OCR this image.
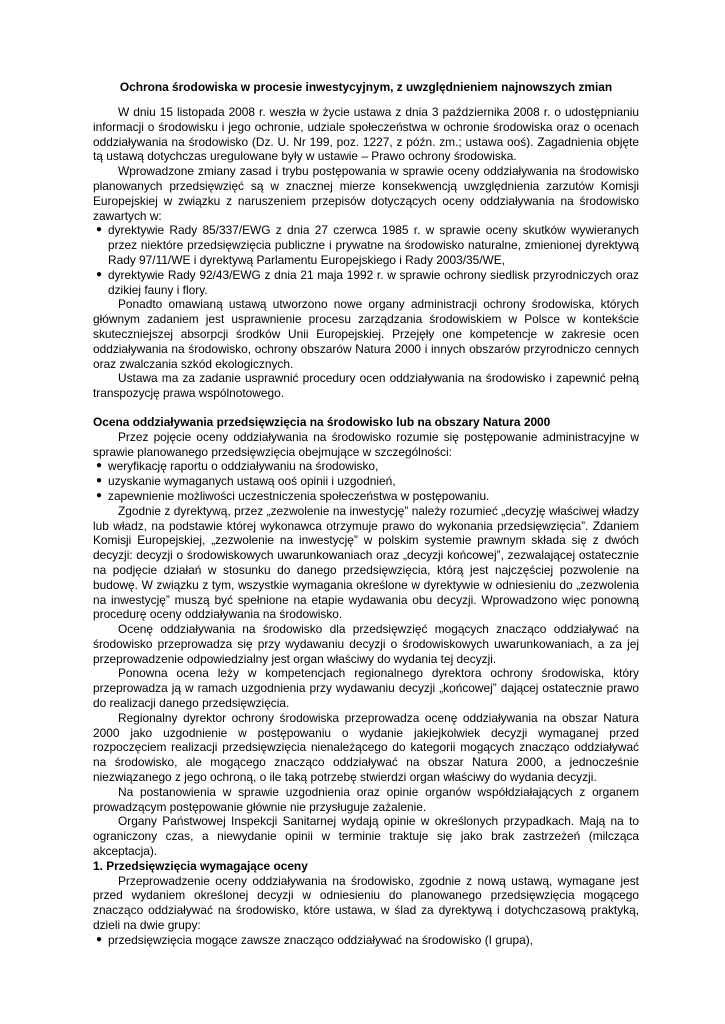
Ochrona środowiska w procesie inwestycyjnym, z uwzględnieniem najnowszych zmian

W dniu 15 listopada 2008 r. weszła w życie ustawa z dnia 3 października 2008 r. o udostępnianiu informacji o środowisku i jego ochronie, udziale społeczeństwa w ochronie środowiska oraz o ocenach oddziaływania na środowisko (Dz. U. Nr 199, poz. 1227, z późn. zm.; ustawa ooś). Zagadnienia objęte tą ustawą dotychczas uregulowane były w ustawie – Prawo ochrony środowiska.

Wprowadzone zmiany zasad i trybu postępowania w sprawie oceny oddziaływania na środowisko planowanych przedsięwzięć są w znacznej mierze konsekwencją uwzględnienia zarzutów Komisji Europejskiej w związku z naruszeniem przepisów dotyczących oceny oddziaływania na środowisko zawartych w:

● dyrektywie Rady 85/337/EWG z dnia 27 czerwca 1985 r. w sprawie oceny skutków wywieranych przez niektóre przedsięwzięcia publiczne i prywatne na środowisko naturalne, zmienionej dyrektywą Rady 97/11/WE i dyrektywą Parlamentu Europejskiego i Rady 2003/35/WE,
● dyrektywie Rady 92/43/EWG z dnia 21 maja 1992 r. w sprawie ochrony siedlisk przyrodniczych oraz dzikiej fauny i flory.

Ponadto omawianą ustawą utworzono nowe organy administracji ochrony środowiska, których głównym zadaniem jest usprawnienie procesu zarządzania środowiskiem w Polsce w kontekście skuteczniejszej absorpcji środków Unii Europejskiej. Przejęły one kompetencje w zakresie ocen oddziaływania na środowisko, ochrony obszarów Natura 2000 i innych obszarów przyrodniczo cennych oraz zwalczania szkód ekologicznych.

Ustawa ma za zadanie usprawnić procedury ocen oddziaływania na środowisko i zapewnić pełną transpozycję prawa wspólnotowego.

Ocena oddziaływania przedsięwzięcia na środowisko lub na obszary Natura 2000

Przez pojęcie oceny oddziaływania na środowisko rozumie się postępowanie administracyjne w sprawie planowanego przedsięwzięcia obejmujące w szczególności:

● weryfikację raportu o oddziaływaniu na środowisko,
● uzyskanie wymaganych ustawą ooś opinii i uzgodnień,
● zapewnienie możliwości uczestniczenia społeczeństwa w postępowaniu.

Zgodnie z dyrektywą, przez „zezwolenie na inwestycję” należy rozumieć „decyzję właściwej władzy lub władz, na podstawie której wykonawca otrzymuje prawo do wykonania przedsięwzięcia”. Zdaniem Komisji Europejskiej, „zezwolenie na inwestycję” w polskim systemie prawnym składa się z dwóch decyzji: decyzji o środowiskowych uwarunkowaniach oraz „decyzji końcowej”, zezwalającej ostatecznie na podjęcie działań w stosunku do danego przedsięwzięcia, którą jest najczęściej pozwolenie na budowę. W związku z tym, wszystkie wymagania określone w dyrektywie w odniesieniu do „zezwolenia na inwestycję” muszą być spełnione na etapie wydawania obu decyzji. Wprowadzono więc ponowną procedurę oceny oddziaływania na środowisko.

Ocenę oddziaływania na środowisko dla przedsięwzięć mogących znacząco oddziaływać na środowisko przeprowadza się przy wydawaniu decyzji o środowiskowych uwarunkowaniach, a za jej przeprowadzenie odpowiedzialny jest organ właściwy do wydania tej decyzji.

Ponowna ocena leży w kompetencjach regionalnego dyrektora ochrony środowiska, który przeprowadza ją w ramach uzgodnienia przy wydawaniu decyzji „końcowej” dającej ostatecznie prawo do realizacji danego przedsięwzięcia.

Regionalny dyrektor ochrony środowiska przeprowadza ocenę oddziaływania na obszar Natura 2000 jako uzgodnienie w postępowaniu o wydanie jakiejkolwiek decyzji wymaganej przed rozpoczęciem realizacji przedsięwzięcia nienależącego do kategorii mogących znacząco oddziaływać na środowisko, ale mogącego znacząco oddziaływać na obszar Natura 2000, a jednocześnie niezwiązanego z jego ochroną, o ile taką potrzebę stwierdzi organ właściwy do wydania decyzji.

Na postanowienia w sprawie uzgodnienia oraz opinie organów współdziałających z organem prowadzącym postępowanie głównie nie przysługuje zażalenie.

Organy Państwowej Inspekcji Sanitarnej wydają opinie w określonych przypadkach. Mają na to ograniczony czas, a niewydanie opinii w terminie traktuje się jako brak zastrzeżeń (milcząca akceptacja).

1. Przedsięwzięcia wymagające oceny

Przeprowadzenie oceny oddziaływania na środowisko, zgodnie z nową ustawą, wymagane jest przed wydaniem określonej decyzji w odniesieniu do planowanego przedsięwzięcia mogącego znacząco oddziaływać na środowisko, które ustawa, w ślad za dyrektywą i dotychczasową praktyką, dzieli na dwie grupy:

● przedsięwzięcia mogące zawsze znacząco oddziaływać na środowisko (I grupa),
